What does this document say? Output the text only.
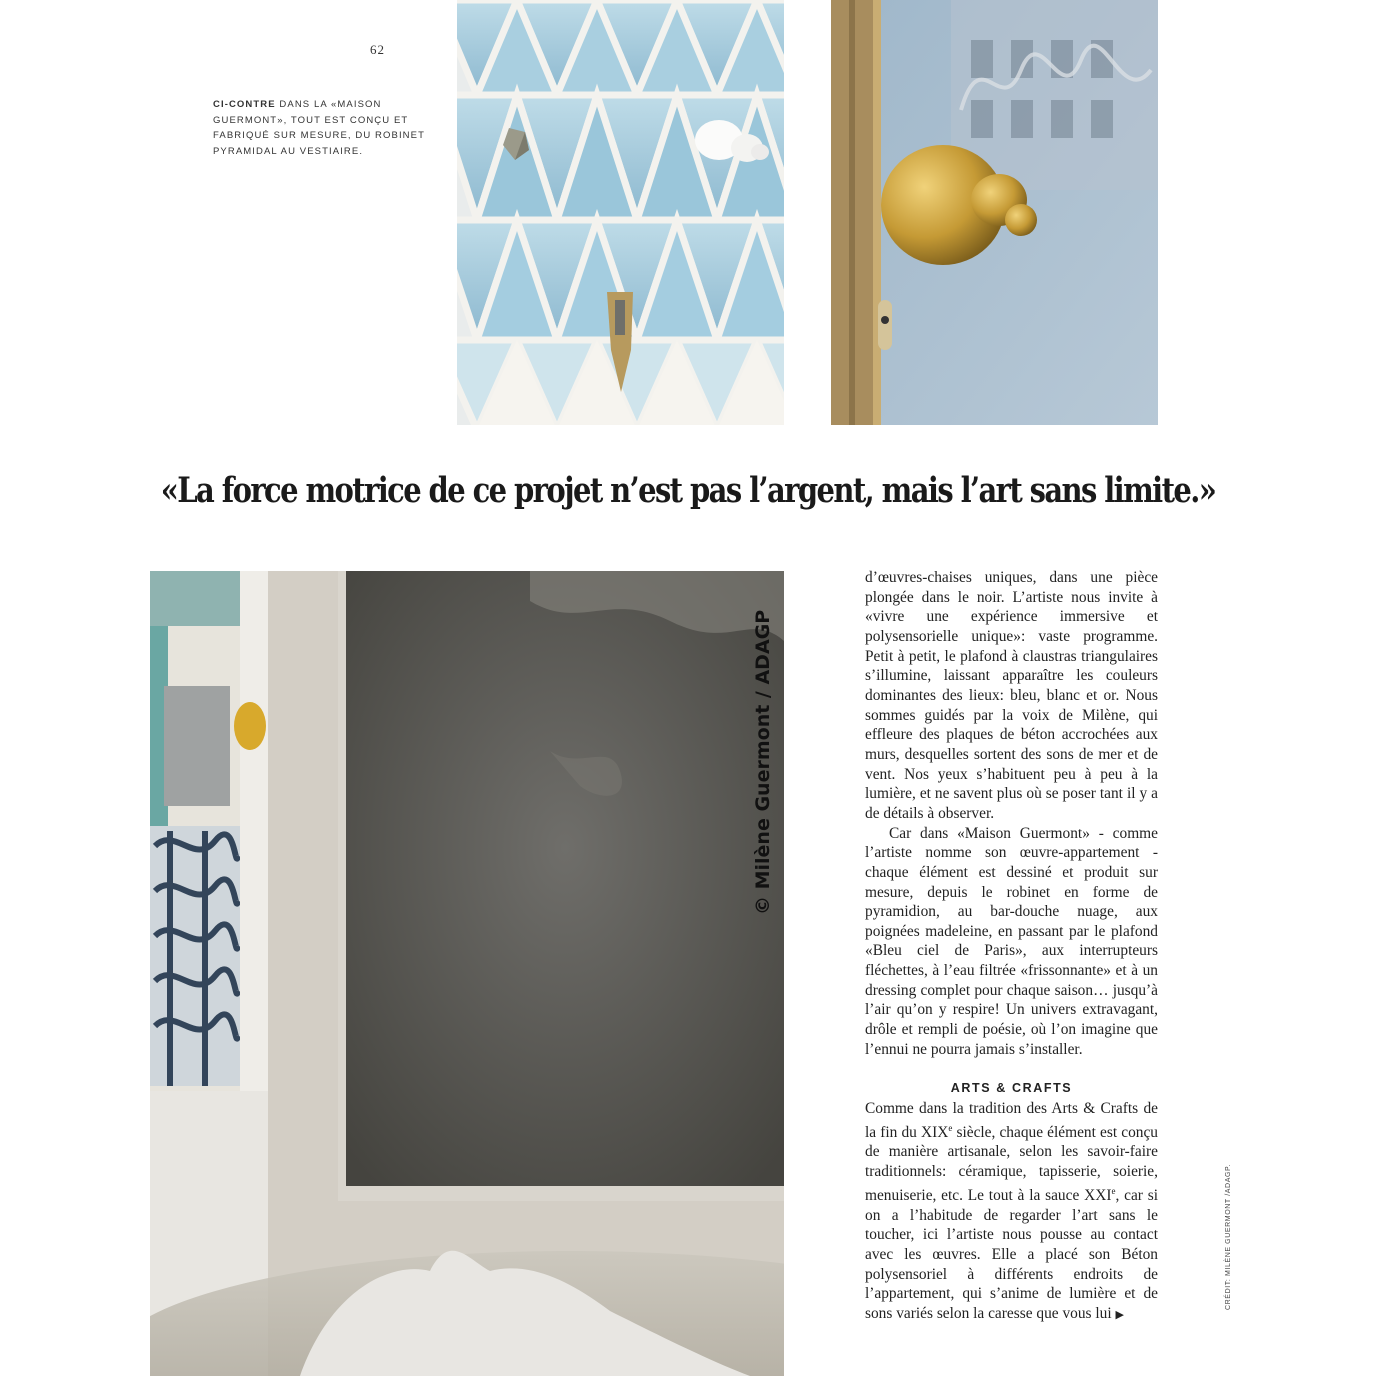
62
CI-CONTRE DANS LA «MAISON GUERMONT», TOUT EST CONÇU ET FABRIQUÉ SUR MESURE, DU ROBINET PYRAMIDAL AU VESTIAIRE.
«La force motrice de ce projet n’est pas l’argent, mais l’art sans limite.»
© Milène Guermont / ADAGP

d’œuvres-chaises uniques, dans une pièce plongée dans le noir. L’artiste nous invite à «vivre une expérience immersive et polysensorielle unique»: vaste programme. Petit à petit, le plafond à claustras triangulaires s’illumine, laissant apparaître les couleurs dominantes des lieux: bleu, blanc et or. Nous sommes guidés par la voix de Milène, qui effleure des plaques de béton accrochées aux murs, desquelles sortent des sons de mer et de vent. Nos yeux s’habituent peu à peu à la lumière, et ne savent plus où se poser tant il y a de détails à observer.

Car dans «Maison Guermont» - comme l’artiste nomme son œuvre-appartement - chaque élément est dessiné et produit sur mesure, depuis le robinet en forme de pyramidion, au bar-douche nuage, aux poignées madeleine, en passant par le plafond «Bleu ciel de Paris», aux interrupteurs fléchettes, à l’eau filtrée «frissonnante» et à un dressing complet pour chaque saison… jusqu’à l’air qu’on y respire! Un univers extravagant, drôle et rempli de poésie, où l’on imagine que l’ennui ne pourra jamais s’installer.

ARTS & CRAFTS

Comme dans la tradition des Arts & Crafts de la fin du XIXe siècle, chaque élément est conçu de manière artisanale, selon les savoir-faire traditionnels: céramique, tapisserie, soierie, menuiserie, etc. Le tout à la sauce XXIe, car si on a l’habitude de regarder l’art sans le toucher, ici l’artiste nous pousse au contact avec les œuvres. Elle a placé son Béton polysensoriel à différents endroits de l’appartement, qui s’anime de lumière et de sons variés selon la caresse que vous lui ▶

CRÉDIT: MILÈNE GUERMONT /ADAGP.
